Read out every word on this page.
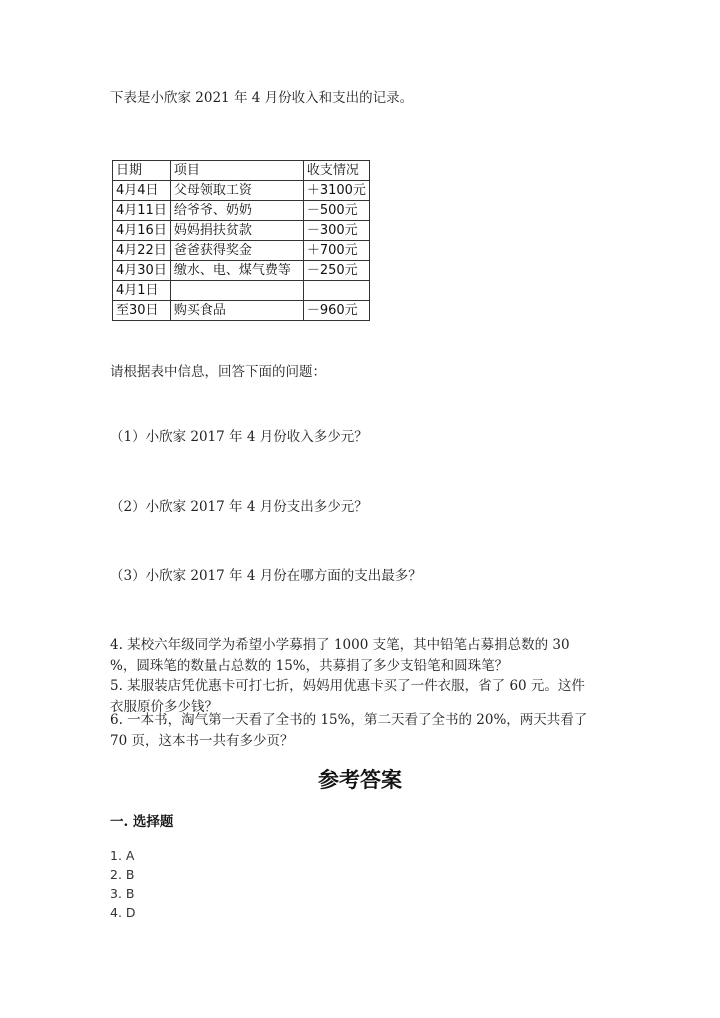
下表是小欣家 2021 年 4 月份收入和支出的记录。
日期	项目	收支情况
4月4日	父母领取工资	＋3100元
4月11日	给爷爷、奶奶	－500元
4月16日	妈妈捐扶贫款	－300元
4月22日	爸爸获得奖金	＋700元
4月30日	缴水、电、煤气费等	－250元
4月1日		
至30日	购买食品	－960元
请根据表中信息，回答下面的问题：
（1）小欣家 2017 年 4 月份收入多少元？
（2）小欣家 2017 年 4 月份支出多少元？
（3）小欣家 2017 年 4 月份在哪方面的支出最多？
4. 某校六年级同学为希望小学募捐了 1000 支笔，其中铅笔占募捐总数的 30
%，圆珠笔的数量占总数的 15%，共募捐了多少支铅笔和圆珠笔？
5. 某服装店凭优惠卡可打七折，妈妈用优惠卡买了一件衣服，省了 60 元。这件
衣服原价多少钱？
6. 一本书，淘气第一天看了全书的 15%，第二天看了全书的 20%，两天共看了
70 页，这本书一共有多少页？
参考答案
一. 选择题
1. A
2. B
3. B
4. D
